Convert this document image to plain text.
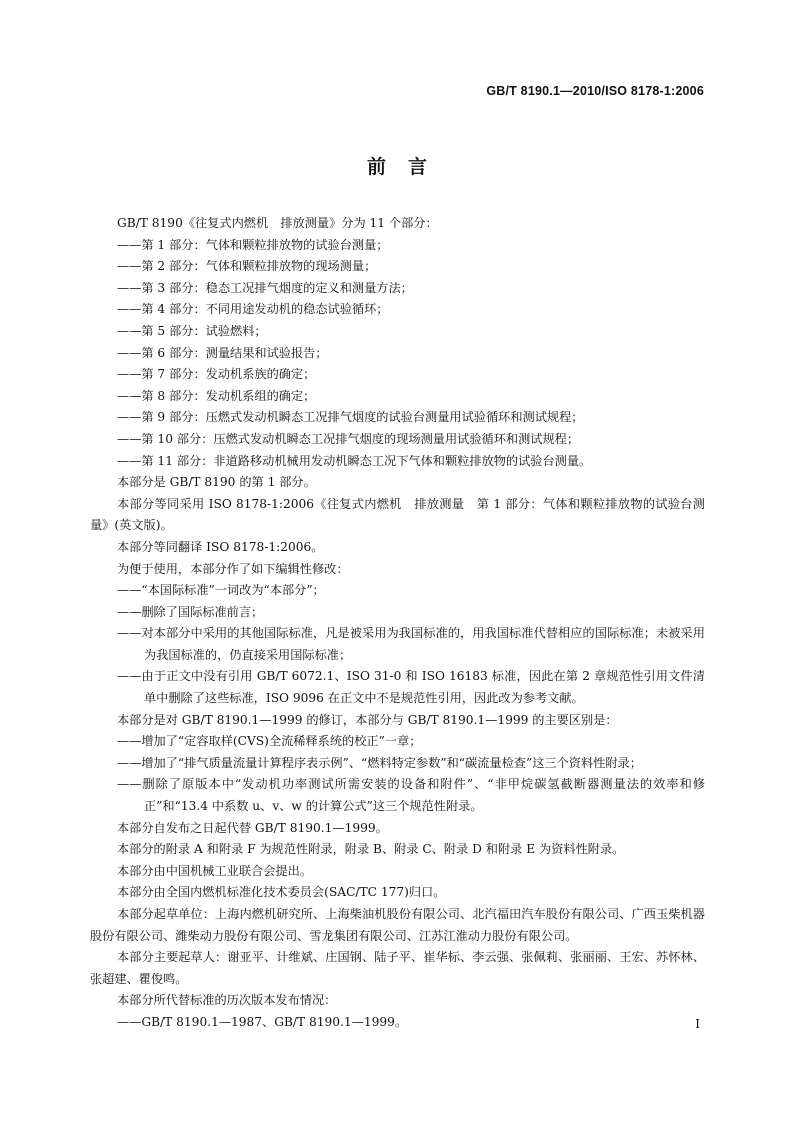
GB/T 8190.1—2010/ISO 8178-1:2006
前言
GB/T 8190《往复式内燃机　排放测量》分为 11 个部分：
——第 1 部分：气体和颗粒排放物的试验台测量；
——第 2 部分：气体和颗粒排放物的现场测量；
——第 3 部分：稳态工况排气烟度的定义和测量方法；
——第 4 部分：不同用途发动机的稳态试验循环；
——第 5 部分：试验燃料；
——第 6 部分：测量结果和试验报告；
——第 7 部分：发动机系族的确定；
——第 8 部分：发动机系组的确定；
——第 9 部分：压燃式发动机瞬态工况排气烟度的试验台测量用试验循环和测试规程；
——第 10 部分：压燃式发动机瞬态工况排气烟度的现场测量用试验循环和测试规程；
——第 11 部分：非道路移动机械用发动机瞬态工况下气体和颗粒排放物的试验台测量。
本部分是 GB/T 8190 的第 1 部分。
本部分等同采用 ISO 8178-1:2006《往复式内燃机　排放测量　第 1 部分：气体和颗粒排放物的试验台测量》(英文版)。
本部分等同翻译 ISO 8178-1:2006。
为便于使用，本部分作了如下编辑性修改：
——“本国际标准”一词改为“本部分”；
——删除了国际标准前言；
——对本部分中采用的其他国际标准，凡是被采用为我国标准的，用我国标准代替相应的国际标准；未被采用为我国标准的，仍直接采用国际标准；
——由于正文中没有引用 GB/T 6072.1、ISO 31-0 和 ISO 16183 标准，因此在第 2 章规范性引用文件清单中删除了这些标准，ISO 9096 在正文中不是规范性引用，因此改为参考文献。
本部分是对 GB/T 8190.1—1999 的修订，本部分与 GB/T 8190.1—1999 的主要区别是：
——增加了“定容取样(CVS)全流稀释系统的校正”一章；
——增加了“排气质量流量计算程序表示例”、“燃料特定参数”和“碳流量检查”这三个资料性附录；
——删除了原版本中“发动机功率测试所需安装的设备和附件”、“非甲烷碳氢截断器测量法的效率和修正”和“13.4 中系数 u、v、w 的计算公式”这三个规范性附录。
本部分自发布之日起代替 GB/T 8190.1—1999。
本部分的附录 A 和附录 F 为规范性附录，附录 B、附录 C、附录 D 和附录 E 为资料性附录。
本部分由中国机械工业联合会提出。
本部分由全国内燃机标准化技术委员会(SAC/TC 177)归口。
本部分起草单位：上海内燃机研究所、上海柴油机股份有限公司、北汽福田汽车股份有限公司、广西玉柴机器股份有限公司、潍柴动力股份有限公司、雪龙集团有限公司、江苏江淮动力股份有限公司。
本部分主要起草人：谢亚平、计维斌、庄国钢、陆子平、崔华标、李云强、张佩莉、张丽丽、王宏、苏怀林、张超建、瞿俊鸣。
本部分所代替标准的历次版本发布情况：
——GB/T 8190.1—1987、GB/T 8190.1—1999。	I
